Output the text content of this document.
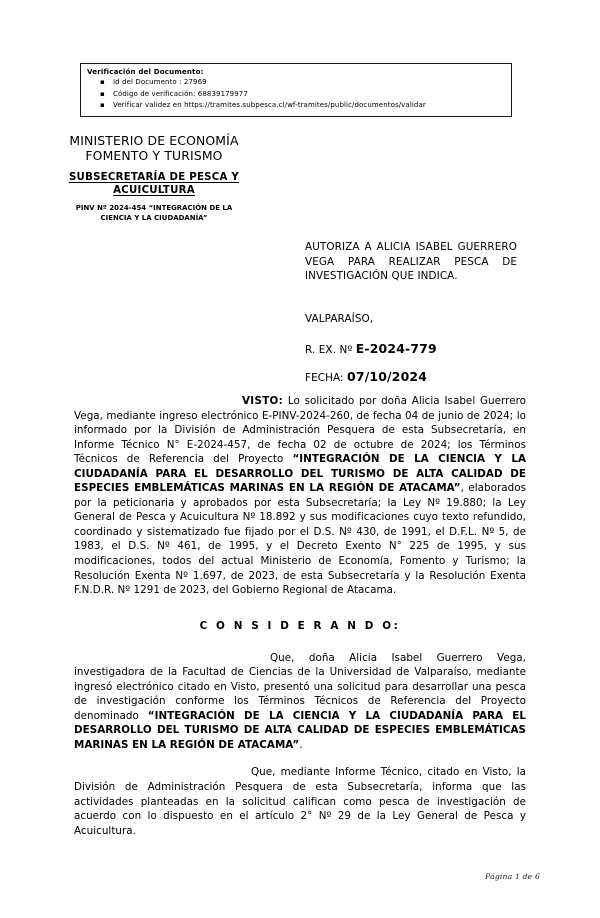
Verificación del Documento:
▪ Id del Documento : 27969
▪ Código de verificación: 68839179977
▪ Verificar validez en https://tramites.subpesca.cl/wf-tramites/public/documentos/validar
MINISTERIO DE ECONOMÍA
FOMENTO Y TURISMO
SUBSECRETARÍA DE PESCA Y
ACUICULTURA
PINV Nº 2024-454 “INTEGRACIÓN DE LA
CIENCIA Y LA CIUDADANÍA”
AUTORIZA A ALICIA ISABEL GUERRERO VEGA PARA REALIZAR PESCA DE INVESTIGACIÓN QUE INDICA.
VALPARAÍSO,
R. EX. Nº E-2024-779
FECHA: 07/10/2024

VISTO: Lo solicitado por doña Alicia Isabel Guerrero Vega, mediante ingreso electrónico E-PINV-2024-260, de fecha 04 de junio de 2024; lo informado por la División de Administración Pesquera de esta Subsecretaría, en Informe Técnico N° E-2024-457, de fecha 02 de octubre de 2024; los Términos Técnicos de Referencia del Proyecto “INTEGRACIÓN DE LA CIENCIA Y LA CIUDADANÍA PARA EL DESARROLLO DEL TURISMO DE ALTA CALIDAD DE ESPECIES EMBLEMÁTICAS MARINAS EN LA REGIÓN DE ATACAMA”, elaborados por la peticionaria y aprobados por esta Subsecretaría; la Ley Nº 19.880; la Ley General de Pesca y Acuicultura Nº 18.892 y sus modificaciones cuyo texto refundido, coordinado y sistematizado fue fijado por el D.S. Nº 430, de 1991, el D.F.L. Nº 5, de 1983, el D.S. Nº 461, de 1995, y el Decreto Exento N° 225 de 1995, y sus modificaciones, todos del actual Ministerio de Economía, Fomento y Turismo; la Resolución Exenta Nº 1.697, de 2023, de esta Subsecretaría y la Resolución Exenta F.N.D.R. Nº 1291 de 2023, del Gobierno Regional de Atacama.

C O N S I D E R A N D O:

Que, doña Alicia Isabel Guerrero Vega, investigadora de la Facultad de Ciencias de la Universidad de Valparaíso, mediante ingresó electrónico citado en Visto, presentó una solicitud para desarrollar una pesca de investigación conforme los Términos Técnicos de Referencia del Proyecto denominado “INTEGRACIÓN DE LA CIENCIA Y LA CIUDADANÍA PARA EL DESARROLLO DEL TURISMO DE ALTA CALIDAD DE ESPECIES EMBLEMÁTICAS MARINAS EN LA REGIÓN DE ATACAMA”.

Que, mediante Informe Técnico, citado en Visto, la División de Administración Pesquera de esta Subsecretaría, informa que las actividades planteadas en la solicitud califican como pesca de investigación de acuerdo con lo dispuesto en el artículo 2° Nº 29 de la Ley General de Pesca y Acuicultura.

Página 1 de 6
